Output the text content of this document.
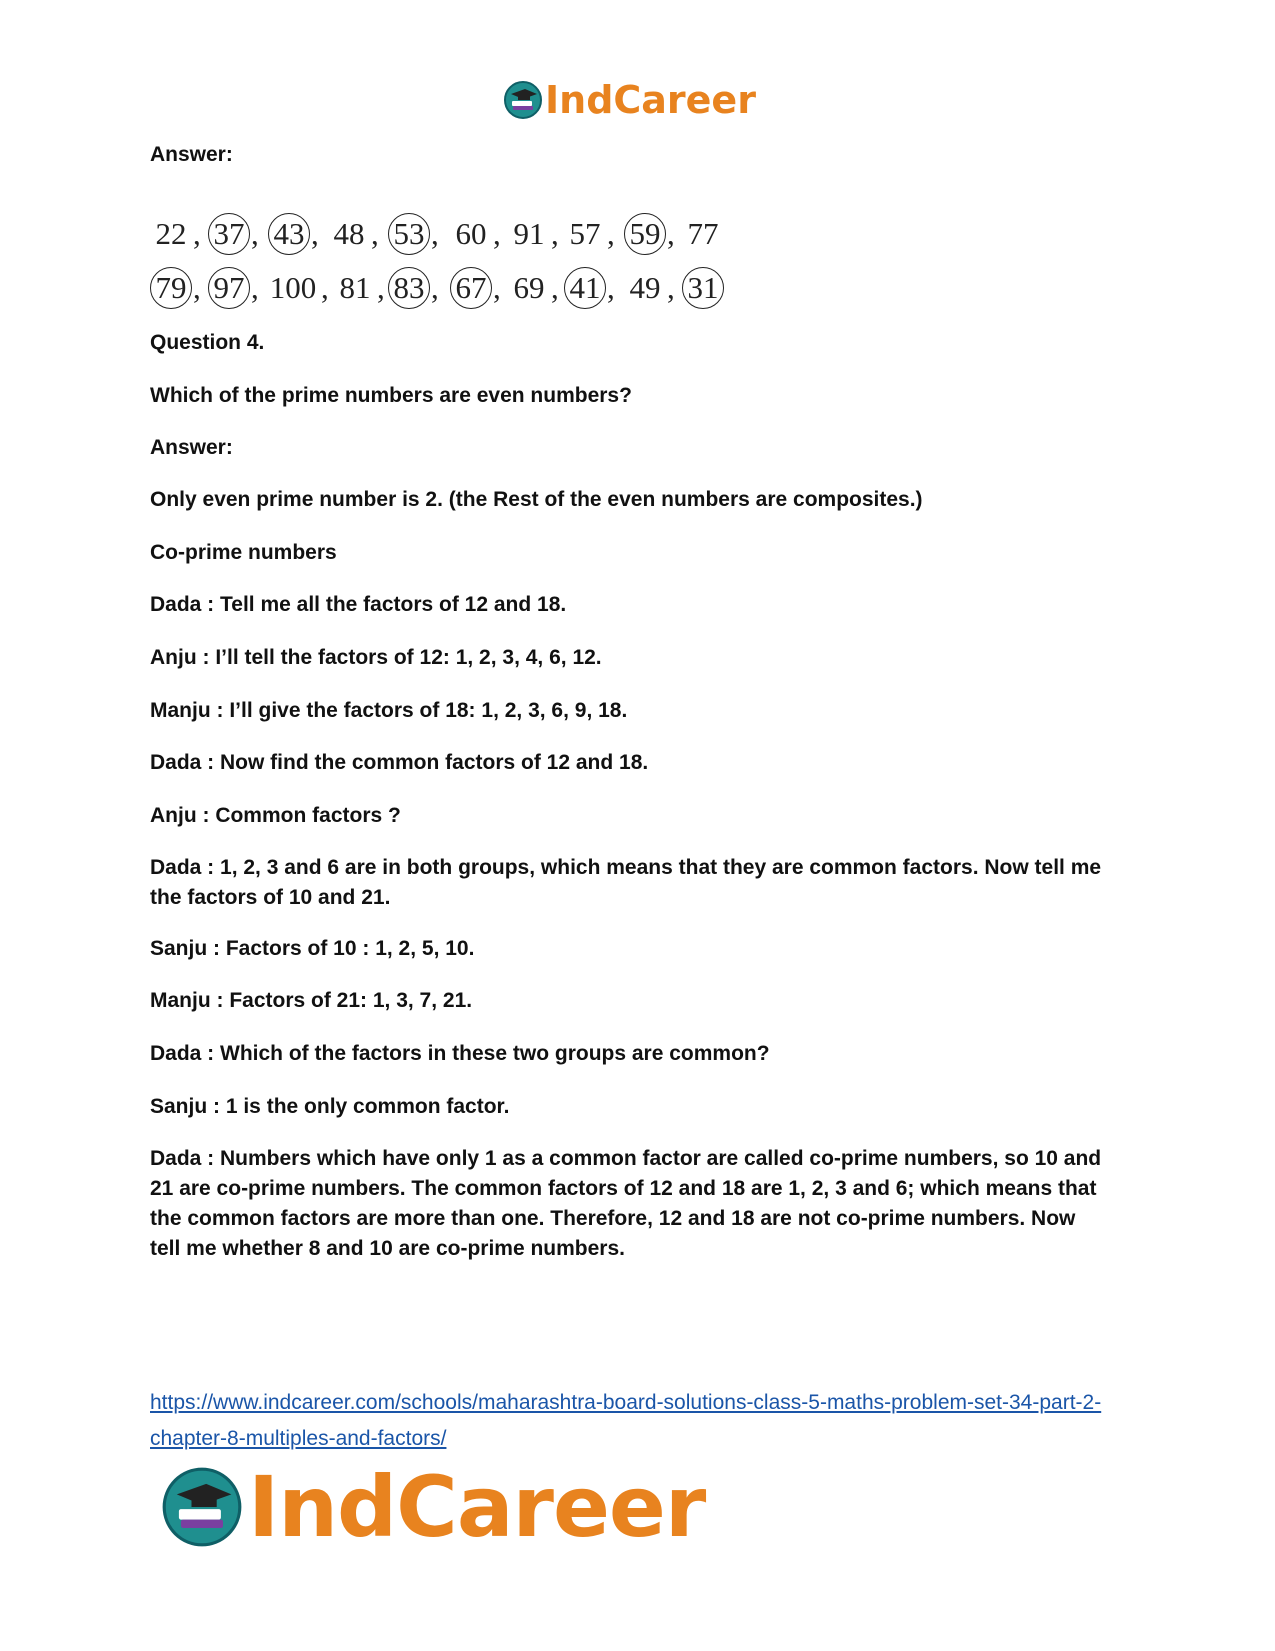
IndCareer
Answer:
22 , 37 , 43 , 48 , 53 , 60 , 91 , 57 , 59 , 77
79 , 97 , 100 , 81 , 83 , 67 , 69 , 41 , 49 , 31
Question 4.
Which of the prime numbers are even numbers?
Answer:
Only even prime number is 2. (the Rest of the even numbers are composites.)
Co-prime numbers
Dada : Tell me all the factors of 12 and 18.
Anju : I’ll tell the factors of 12: 1, 2, 3, 4, 6, 12.
Manju : I’ll give the factors of 18: 1, 2, 3, 6, 9, 18.
Dada : Now find the common factors of 12 and 18.
Anju : Common factors ?
Dada : 1, 2, 3 and 6 are in both groups, which means that they are common factors. Now tell me the factors of 10 and 21.
Sanju : Factors of 10 : 1, 2, 5, 10.
Manju : Factors of 21: 1, 3, 7, 21.
Dada : Which of the factors in these two groups are common?
Sanju : 1 is the only common factor.
Dada : Numbers which have only 1 as a common factor are called co-prime numbers, so 10 and 21 are co-prime numbers. The common factors of 12 and 18 are 1, 2, 3 and 6; which means that the common factors are more than one. Therefore, 12 and 18 are not co-prime numbers. Now tell me whether 8 and 10 are co-prime numbers.
https://www.indcareer.com/schools/maharashtra-board-solutions-class-5-maths-problem-set-34-part-2-chapter-8-multiples-and-factors/
IndCareer
